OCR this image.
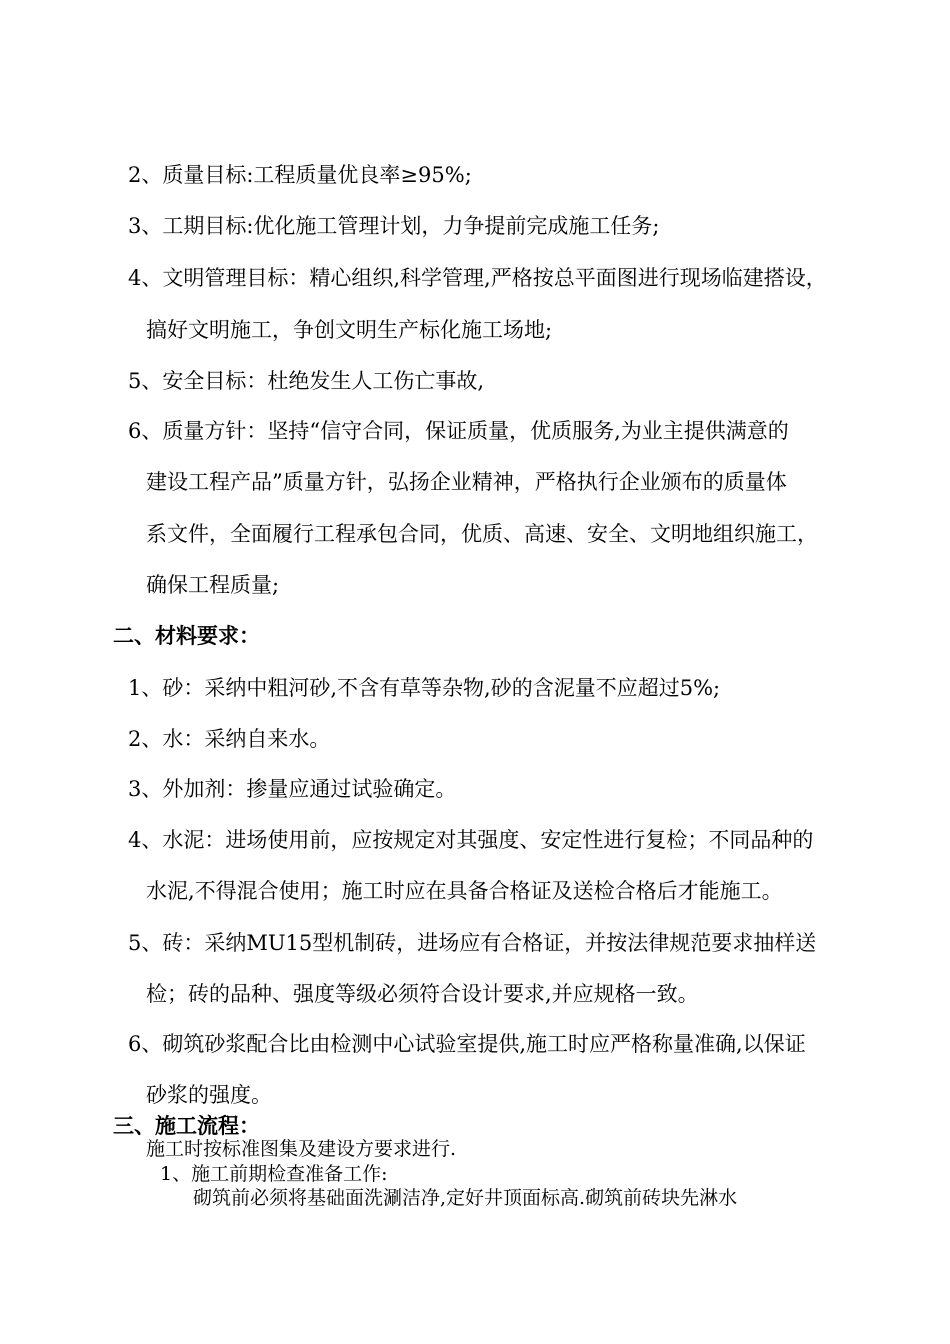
2、质量目标:工程质量优良率≥95%;
3、工期目标:优化施工管理计划，力争提前完成施工任务;
4、文明管理目标：精心组织,科学管理,严格按总平面图进行现场临建搭设，
搞好文明施工，争创文明生产标化施工场地;
5、安全目标：杜绝发生人工伤亡事故,
6、质量方针：坚持“信守合同，保证质量，优质服务,为业主提供满意的
建设工程产品”质量方针，弘扬企业精神，严格执行企业颁布的质量体
系文件，全面履行工程承包合同，优质、高速、安全、文明地组织施工，
确保工程质量;
二、材料要求：
1、砂：采纳中粗河砂,不含有草等杂物,砂的含泥量不应超过5%;
2、水：采纳自来水。
3、外加剂：掺量应通过试验确定。
4、水泥：进场使用前，应按规定对其强度、安定性进行复检；不同品种的
水泥,不得混合使用；施工时应在具备合格证及送检合格后才能施工。
5、砖：采纳MU15型机制砖，进场应有合格证，并按法律规范要求抽样送
检；砖的品种、强度等级必须符合设计要求,并应规格一致。
6、砌筑砂浆配合比由检测中心试验室提供,施工时应严格称量准确,以保证
砂浆的强度。
三、施工流程：
施工时按标准图集及建设方要求进行.
1、施工前期检查准备工作:
砌筑前必须将基础面洗涮洁净,定好井顶面标高.砌筑前砖块先淋水
